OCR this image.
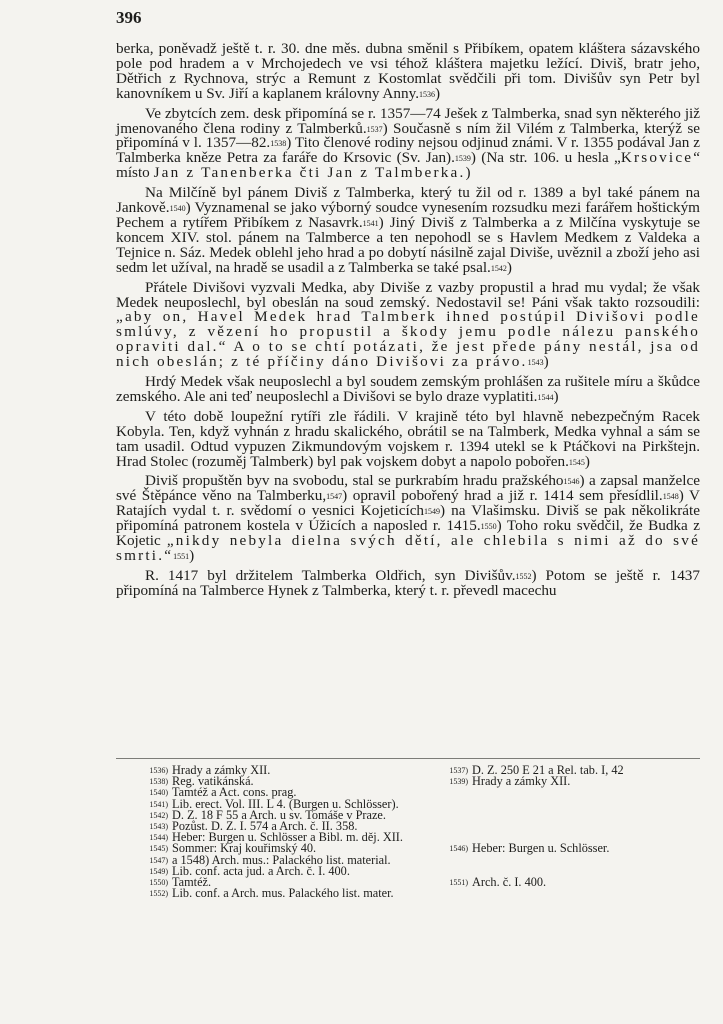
396

berka, poněvadž ještě t. r. 30. dne měs. dubna směnil s Přibíkem, opatem kláštera sázavského pole pod hradem a v Mrchojedech ve vsi téhož kláštera majetku ležící. Diviš, bratr jeho, Dětřich z Rychnova, strýc a Remunt z Kostomlat svědčili při tom. Divišův syn Petr byl kanovníkem u Sv. Jiří a kaplanem královny Anny.$^{1536}$)

Ve zbytcích zem. desk připomíná se r. 1357—74 Ješek z Talmberka, snad syn některého již jmenovaného člena rodiny z Talmberků.$^{1537}$) Současně s ním žil Vilém z Talmberka, kterýž se připomíná v l. 1357—82.$^{1538}$) Tito členové rodiny nejsou odjinud známi. V r. 1355 podával Jan z Talmberka kněze Petra za faráře do Krsovic (Sv. Jan).$^{1539}$) (Na str. 106. u hesla „Krsovice“ místo Jan z Tanenberka čti Jan z Talmberka.)

Na Milčíně byl pánem Diviš z Talmberka, který tu žil od r. 1389 a byl také pánem na Jankově.$^{1540}$) Vyznamenal se jako výborný soudce vynesením rozsudku mezi farářem hoštickým Pechem a rytířem Přibíkem z Nasavrk.$^{1541}$) Jiný Diviš z Talmberka a z Milčína vyskytuje se koncem XIV. stol. pánem na Talmberce a ten nepohodl se s Havlem Medkem z Valdeka a Tejnice n. Sáz. Medek oblehl jeho hrad a po dobytí násilně zajal Diviše, uvěznil a zboží jeho asi sedm let užíval, na hradě se usadil a z Talmberka se také psal.$^{1542}$)

Přátele Divišovi vyzvali Medka, aby Diviše z vazby propustil a hrad mu vydal; že však Medek neuposlechl, byl obeslán na soud zemský. Nedostavil se! Páni však takto rozsoudili: „aby on, Havel Medek hrad Talmberk ihned postúpil Divišovi podle smlúvy, z vězení ho propustil a škody jemu podle nálezu panského opraviti dal.“ A o to se chtí potázati, že jest přede pány nestál, jsa od nich obeslán; z té příčiny dáno Divišovi za právo.$^{1543}$)

Hrdý Medek však neuposlechl a byl soudem zemským prohlášen za rušitele míru a škůdce zemského. Ale ani teď neuposlechl a Divišovi se bylo draze vyplatiti.$^{1544}$)

V této době loupežní rytíři zle řádili. V krajině této byl hlavně nebezpečným Racek Kobyla. Ten, když vyhnán z hradu skalického, obrátil se na Talmberk, Medka vyhnal a sám se tam usadil. Odtud vypuzen Zikmundovým vojskem r. 1394 utekl se k Ptáčkovi na Pirkštejn. Hrad Stolec (rozuměj Talmberk) byl pak vojskem dobyt a napolo pobořen.$^{1545}$)

Diviš propuštěn byv na svobodu, stal se purkrabím hradu pražského$^{1546}$) a zapsal manželce své Štěpánce věno na Talmberku,$^{1547}$) opravil pobořený hrad a již r. 1414 sem přesídlil.$^{1548}$) V Ratajích vydal t. r. svědomí o vesnici Kojeticích$^{1549}$) na Vlašimsku. Diviš se pak několikráte připomíná patronem kostela v Úžicích a naposled r. 1415.$^{1550}$) Toho roku svědčil, že Budka z Kojetic „nikdy nebyla dielna svých dětí, ale chlebila s nimi až do své smrti.“$^{1551}$)

R. 1417 byl držitelem Talmberka Oldřich, syn Divišův.$^{1552}$) Potom se ještě r. 1437 připomíná na Talmberce Hynek z Talmberka, který t. r. převedl macechu

1536) Hrady a zámky XII.	1537) D. Z. 250 E 21 a Rel. tab. I, 42
1538) Reg. vatikánská.	1539) Hrady a zámky XII.
1540) Tamtéž a Act. cons. prag.
1541) Lib. erect. Vol. III. L 4. (Burgen u. Schlösser).
1542) D. Z. 18 F 55 a Arch. u sv. Tomáše v Praze.
1543) Pozůst. D. Z. I. 574 a Arch. č. II. 358.
1544) Heber: Burgen u. Schlösser a Bibl. m. děj. XII.
1545) Sommer: Kraj kouřimský 40.	1546) Heber: Burgen u. Schlösser.
1547) a 1548) Arch. mus.: Palackého list. material.
1549) Lib. conf. acta jud. a Arch. č. I. 400.
1550) Tamtéž.	1551) Arch. č. I. 400.
1552) Lib. conf. a Arch. mus. Palackého list. mater.
